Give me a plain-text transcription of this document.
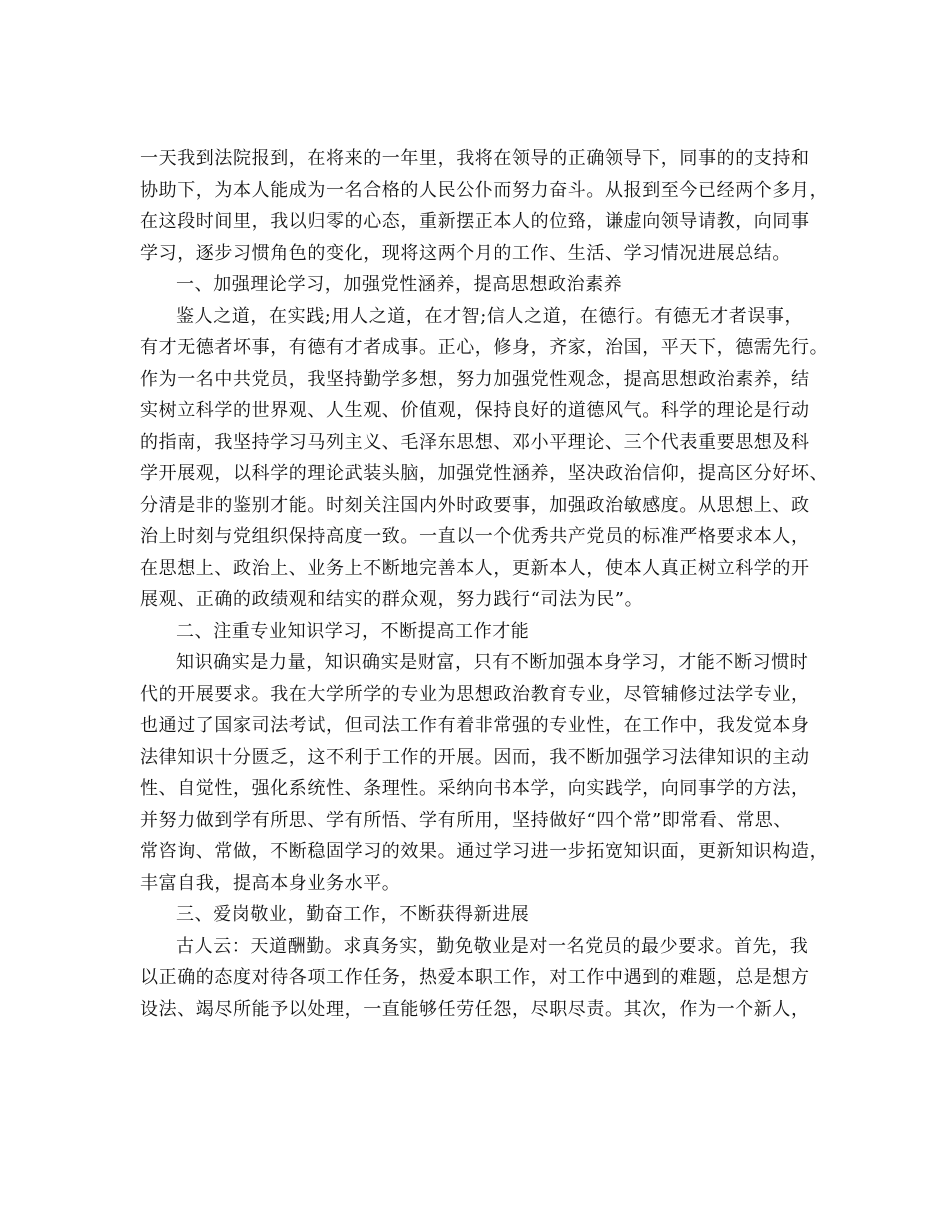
一天我到法院报到，在将来的一年里，我将在领导的正确领导下，同事的的支持和
协助下，为本人能成为一名合格的人民公仆而努力奋斗。从报到至今已经两个多月，
在这段时间里，我以归零的心态，重新摆正本人的位臵，谦虚向领导请教，向同事
学习，逐步习惯角色的变化，现将这两个月的工作、生活、学习情况进展总结。
一、加强理论学习，加强党性涵养，提高思想政治素养
鉴人之道，在实践;用人之道，在才智;信人之道，在德行。有德无才者误事，
有才无德者坏事，有德有才者成事。正心，修身，齐家，治国，平天下，德需先行。
作为一名中共党员，我坚持勤学多想，努力加强党性观念，提高思想政治素养，结
实树立科学的世界观、人生观、价值观，保持良好的道德风气。科学的理论是行动
的指南，我坚持学习马列主义、毛泽东思想、邓小平理论、三个代表重要思想及科
学开展观，以科学的理论武装头脑，加强党性涵养，坚决政治信仰，提高区分好坏、
分清是非的鉴别才能。时刻关注国内外时政要事，加强政治敏感度。从思想上、政
治上时刻与党组织保持高度一致。一直以一个优秀共产党员的标准严格要求本人，
在思想上、政治上、业务上不断地完善本人，更新本人，使本人真正树立科学的开
展观、正确的政绩观和结实的群众观，努力践行“司法为民”。
二、注重专业知识学习，不断提高工作才能
知识确实是力量，知识确实是财富，只有不断加强本身学习，才能不断习惯时
代的开展要求。我在大学所学的专业为思想政治教育专业，尽管辅修过法学专业，
也通过了国家司法考试，但司法工作有着非常强的专业性，在工作中，我发觉本身
法律知识十分匮乏，这不利于工作的开展。因而，我不断加强学习法律知识的主动
性、自觉性，强化系统性、条理性。采纳向书本学，向实践学，向同事学的方法，
并努力做到学有所思、学有所悟、学有所用，坚持做好“四个常”即常看、常思、
常咨询、常做，不断稳固学习的效果。通过学习进一步拓宽知识面，更新知识构造，
丰富自我，提高本身业务水平。
三、爱岗敬业，勤奋工作，不断获得新进展
古人云：天道酬勤。求真务实，勤免敬业是对一名党员的最少要求。首先，我
以正确的态度对待各项工作任务，热爱本职工作，对工作中遇到的难题，总是想方
设法、竭尽所能予以处理，一直能够任劳任怨，尽职尽责。其次，作为一个新人，
